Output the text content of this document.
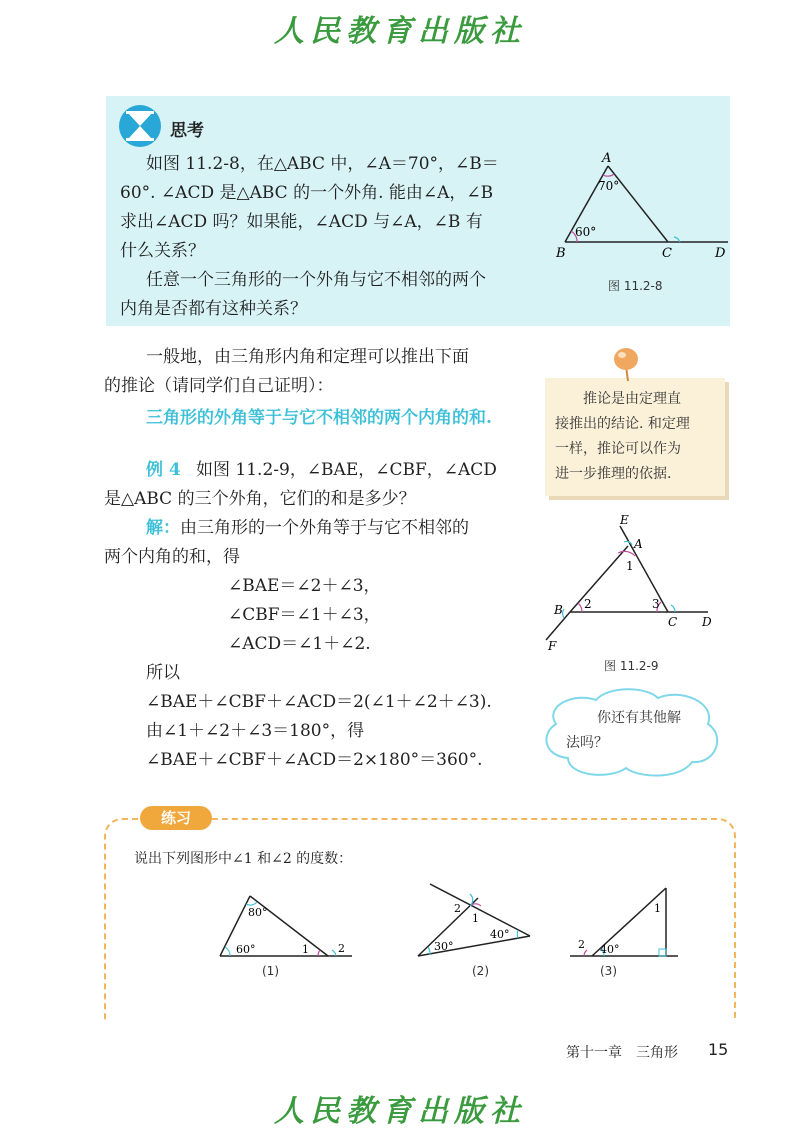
人民教育出版社
思考
如图 11.2-8，在△ABC 中，∠A＝70°，∠B＝
60°. ∠ACD 是△ABC 的一个外角. 能由∠A，∠B
求出∠ACD 吗？如果能，∠ACD 与∠A，∠B 有
什么关系？
任意一个三角形的一个外角与它不相邻的两个
内角是否都有这种关系？
A
B	C	D
70°
60°
图 11.2-8
一般地，由三角形内角和定理可以推出下面
的推论（请同学们自己证明）：
三角形的外角等于与它不相邻的两个内角的和.
例 4 如图 11.2-9，∠BAE，∠CBF，∠ACD
是△ABC 的三个外角，它们的和是多少？
解： 由三角形的一个外角等于与它不相邻的
两个内角的和，得
∠BAE＝∠2＋∠3，
∠CBF＝∠1＋∠3，
∠ACD＝∠1＋∠2.
所以
∠BAE＋∠CBF＋∠ACD＝2(∠1＋∠2＋∠3).
由∠1＋∠2＋∠3＝180°，得
∠BAE＋∠CBF＋∠ACD＝2×180°＝360°.
推论是由定理直
接推出的结论. 和定理
一样，推论可以作为
进一步推理的依据.
E
A
B
C D
F
1
2	3
图 11.2-9
你还有其他解
法吗？
练习
说出下列图形中∠1 和∠2 的度数：
80°
60°	1	2
(1)
30°
40°
1
2
(2)
40°
1
2
(3)
第十一章　三角形 15
人民教育出版社
